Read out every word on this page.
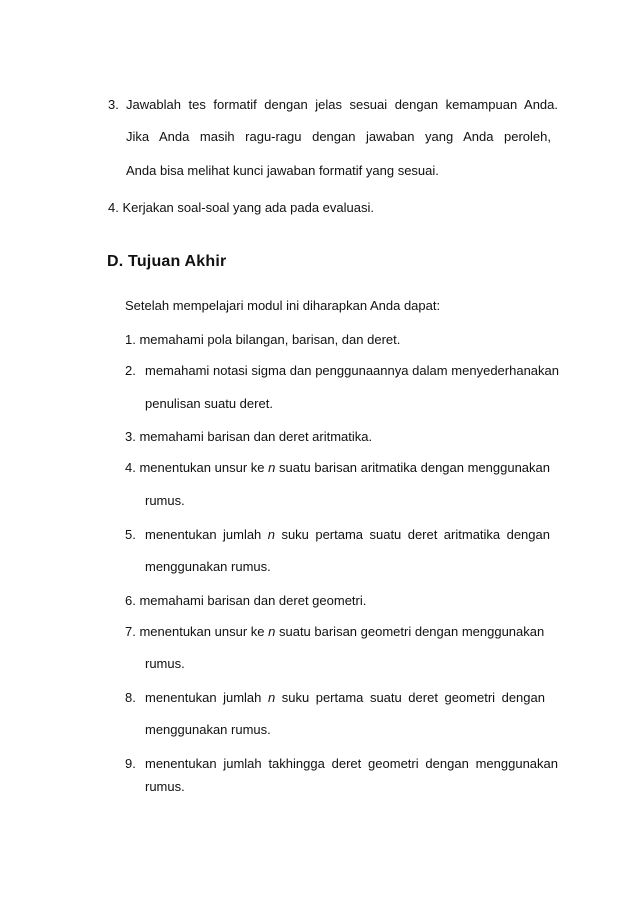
3. Jawablah tes formatif dengan jelas sesuai dengan kemampuan Anda.
Jika Anda masih ragu-ragu dengan jawaban yang Anda peroleh,
Anda bisa melihat kunci jawaban formatif yang sesuai.
4. Kerjakan soal-soal yang ada pada evaluasi.
D. Tujuan Akhir
Setelah mempelajari modul ini diharapkan Anda dapat:
1. memahami pola bilangan, barisan, dan deret.
2. memahami notasi sigma dan penggunaannya dalam menyederhanakan
penulisan suatu deret.
3. memahami barisan dan deret aritmatika.
4. menentukan unsur ke n suatu barisan aritmatika dengan menggunakan
rumus.
5. menentukan jumlah n suku pertama suatu deret aritmatika dengan
menggunakan rumus.
6. memahami barisan dan deret geometri.
7. menentukan unsur ke n suatu barisan geometri dengan menggunakan
rumus.
8. menentukan jumlah n suku pertama suatu deret geometri dengan
menggunakan rumus.
9. menentukan jumlah takhingga deret geometri dengan menggunakan
rumus.
